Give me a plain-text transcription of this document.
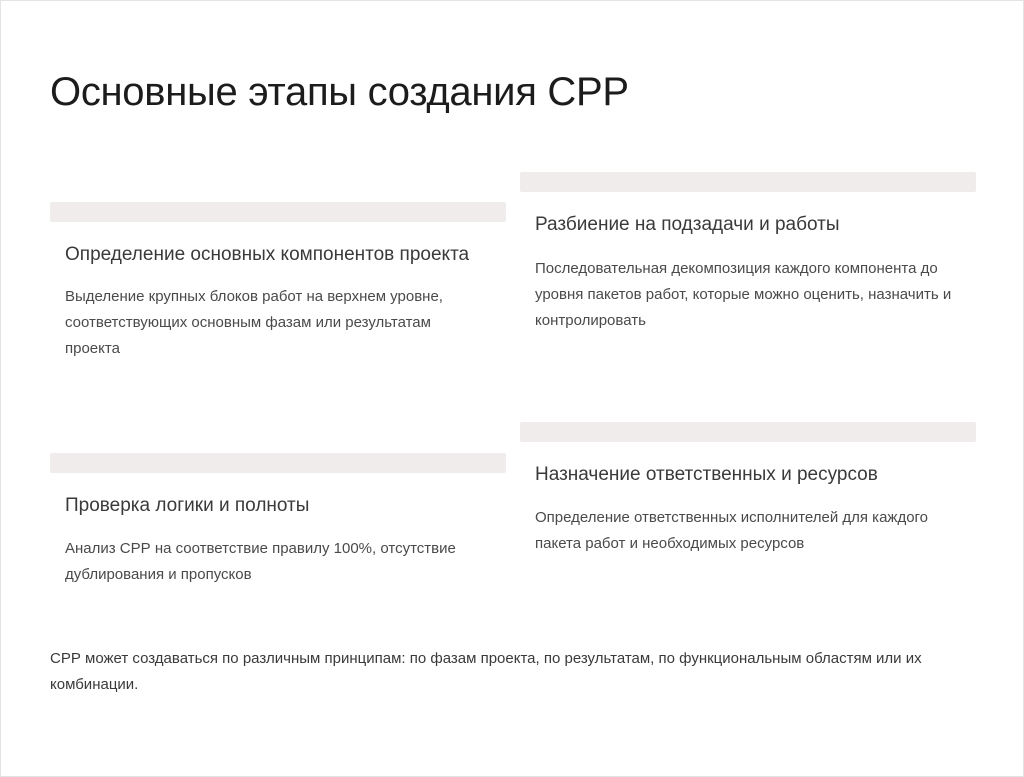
Основные этапы создания СРР
Определение основных компонентов проекта

Выделение крупных блоков работ на верхнем уровне, соответствующих основным фазам или результатам проекта

Разбиение на подзадачи и работы

Последовательная декомпозиция каждого компонента до уровня пакетов работ, которые можно оценить, назначить и контролировать

Проверка логики и полноты

Анализ СРР на соответствие правилу 100%, отсутствие дублирования и пропусков

Назначение ответственных и ресурсов

Определение ответственных исполнителей для каждого пакета работ и необходимых ресурсов

СРР может создаваться по различным принципам: по фазам проекта, по результатам, по функциональным областям или их комбинации.
